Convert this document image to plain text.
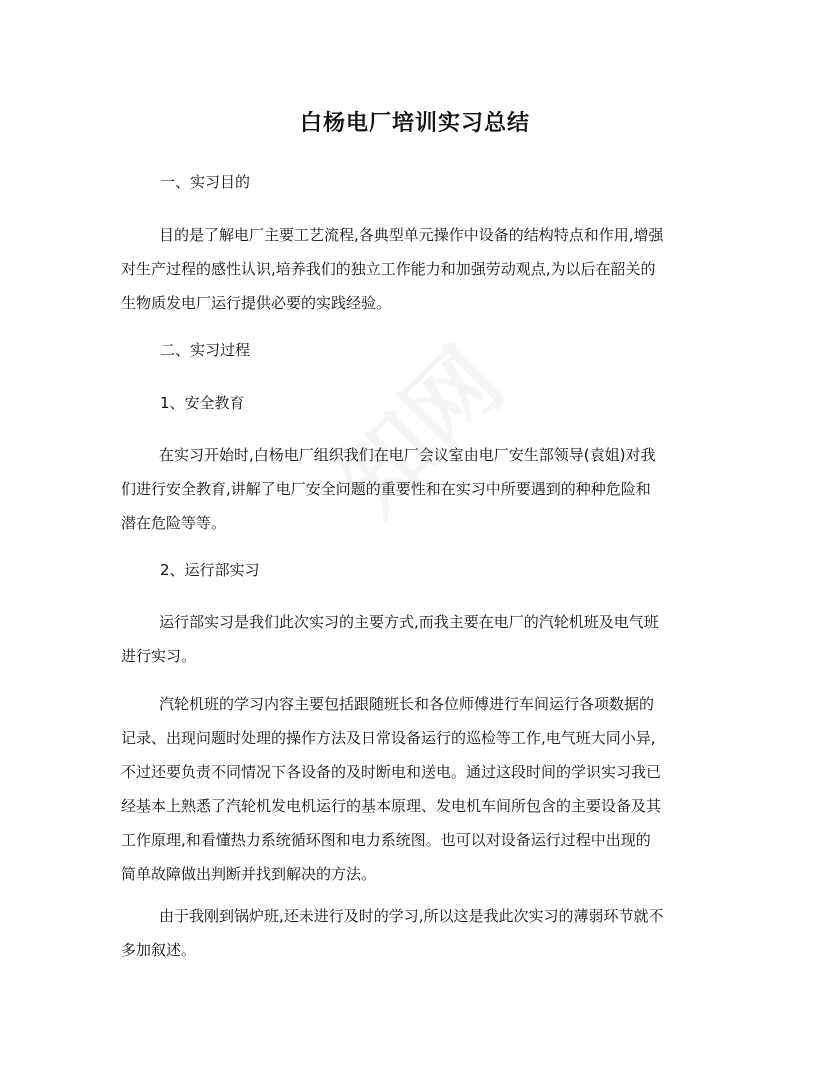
白杨电厂培训实习总结
一、实习目的
目的是了解电厂主要工艺流程,各典型单元操作中设备的结构特点和作用,增强
对生产过程的感性认识,培养我们的独立工作能力和加强劳动观点,为以后在韶关的
生物质发电厂运行提供必要的实践经验。
二、实习过程
1、安全教育
在实习开始时,白杨电厂组织我们在电厂会议室由电厂安生部领导(袁姐)对我
们进行安全教育,讲解了电厂安全问题的重要性和在实习中所要遇到的种种危险和
潜在危险等等。
2、运行部实习
运行部实习是我们此次实习的主要方式,而我主要在电厂的汽轮机班及电气班
进行实习。
汽轮机班的学习内容主要包括跟随班长和各位师傅进行车间运行各项数据的
记录、出现问题时处理的操作方法及日常设备运行的巡检等工作,电气班大同小异,
不过还要负责不同情况下各设备的及时断电和送电。通过这段时间的学识实习我已
经基本上熟悉了汽轮机发电机运行的基本原理、发电机车间所包含的主要设备及其
工作原理,和看懂热力系统循环图和电力系统图。也可以对设备运行过程中出现的
简单故障做出判断并找到解决的方法。
由于我刚到锅炉班,还未进行及时的学习,所以这是我此次实习的薄弱环节就不
多加叙述。
